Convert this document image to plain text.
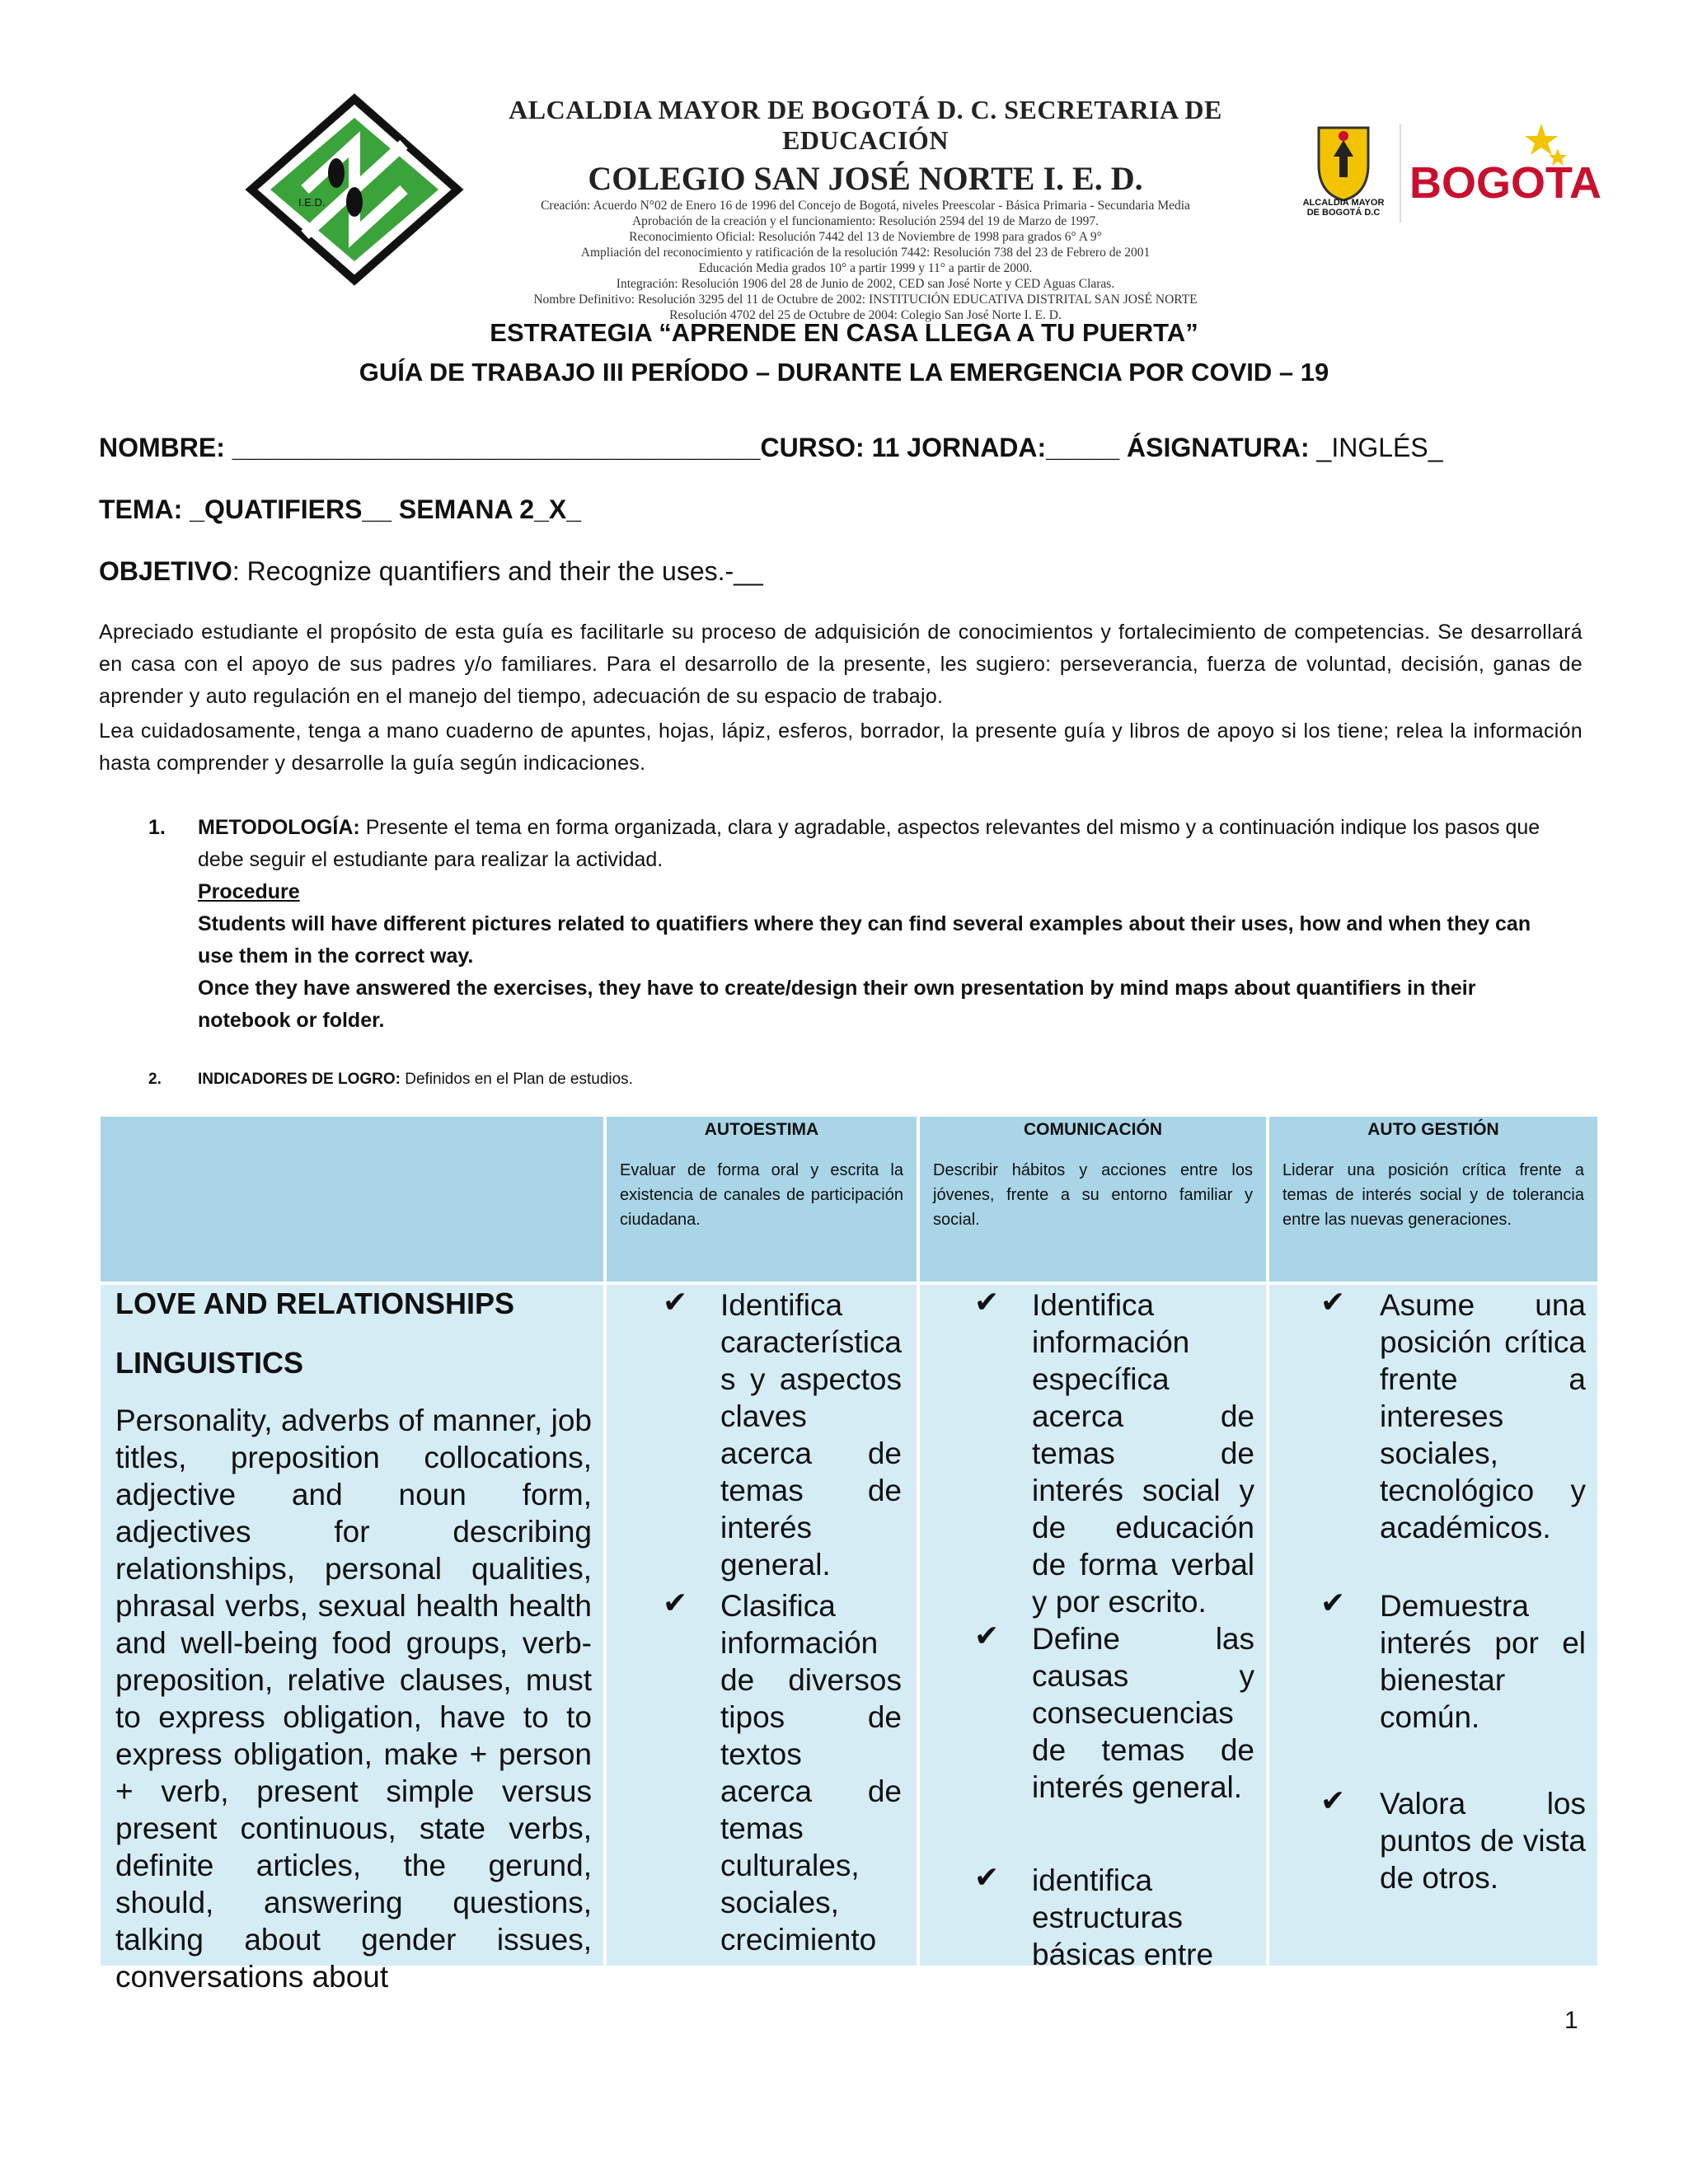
I.E.D.
ALCALDIA MAYOR DE BOGOTÁ D. C. SECRETARIA DE EDUCACIÓN
COLEGIO SAN JOSÉ NORTE I. E. D.
Creación: Acuerdo N°02 de Enero 16 de 1996 del Concejo de Bogotá, niveles Preescolar - Básica Primaria - Secundaria Media
Aprobación de la creación y el funcionamiento: Resolución 2594 del 19 de Marzo de 1997.
Reconocimiento Oficial: Resolución 7442 del 13 de Noviembre de 1998 para grados 6° A 9°
Ampliación del reconocimiento y ratificación de la resolución 7442: Resolución 738 del 23 de Febrero de 2001
Educación Media grados 10° a partir 1999 y 11° a partir de 2000.
Integración: Resolución 1906 del 28 de Junio de 2002, CED san José Norte y CED Aguas Claras.
Nombre Definitivo: Resolución 3295 del 11 de Octubre de 2002: INSTITUCIÓN EDUCATIVA DISTRITAL SAN JOSÉ NORTE
Resolución 4702 del 25 de Octubre de 2004: Colegio San José Norte I. E. D.
ALCALDIA MAYOR
DE BOGOTÁ D.C
BOGOTA
ESTRATEGIA “APRENDE EN CASA LLEGA A TU PUERTA”
GUÍA DE TRABAJO III PERÍODO – DURANTE LA EMERGENCIA POR COVID – 19
NOMBRE: ____________________________________CURSO: 11 JORNADA:_____ ÁSIGNATURA: _INGLÉS_
TEMA: _QUATIFIERS__ SEMANA 2_X_
OBJETIVO: Recognize quantifiers and their the uses.-__
Apreciado estudiante el propósito de esta guía es facilitarle su proceso de adquisición de conocimientos y fortalecimiento de competencias. Se desarrollará en casa con el apoyo de sus padres y/o familiares. Para el desarrollo de la presente, les sugiero: perseverancia, fuerza de voluntad, decisión, ganas de aprender y auto regulación en el manejo del tiempo, adecuación de su espacio de trabajo.
Lea cuidadosamente, tenga a mano cuaderno de apuntes, hojas, lápiz, esferos, borrador, la presente guía y libros de apoyo si los tiene; relea la información hasta comprender y desarrolle la guía según indicaciones.
1. METODOLOGÍA: Presente el tema en forma organizada, clara y agradable, aspectos relevantes del mismo y a continuación indique los pasos que debe seguir el estudiante para realizar la actividad.
Procedure
Students will have different pictures related to quatifiers where they can find several examples about their uses, how and when they can use them in the correct way.
Once they have answered the exercises, they have to create/design their own presentation by mind maps about quantifiers in their notebook or folder.
2. INDICADORES DE LOGRO: Definidos en el Plan de estudios.
AUTOESTIMA
Evaluar de forma oral y escrita la existencia de canales de participación ciudadana.
COMUNICACIÓN
Describir hábitos y acciones entre los jóvenes, frente a su entorno familiar y social.
AUTO GESTIÓN
Liderar una posición crítica frente a temas de interés social y de tolerancia entre las nuevas generaciones.
LOVE AND RELATIONSHIPS
LINGUISTICS
Personality, adverbs of manner, job titles, preposition collocations, adjective and noun form, adjectives for describing relationships, personal qualities, phrasal verbs, sexual health health and well-being food groups, verb-preposition, relative clauses, must to express obligation, have to to express obligation, make + person + verb, present simple versus present continuous, state verbs, definite articles, the gerund, should, answering questions, talking about gender issues, conversations about
✔ Identifica característica s y aspectos claves acerca de temas de interés general.
✔ Clasifica información de diversos tipos de textos acerca de temas culturales, sociales, crecimiento
✔ Identifica información específica acerca de temas de interés social y de educación de forma verbal y por escrito.
✔ Define las causas y consecuencias de temas de interés general.
✔ identifica estructuras básicas entre
✔ Asume una posición crítica frente a intereses sociales, tecnológico y académicos.
✔ Demuestra interés por el bienestar común.
✔ Valora los puntos de vista de otros.
1
